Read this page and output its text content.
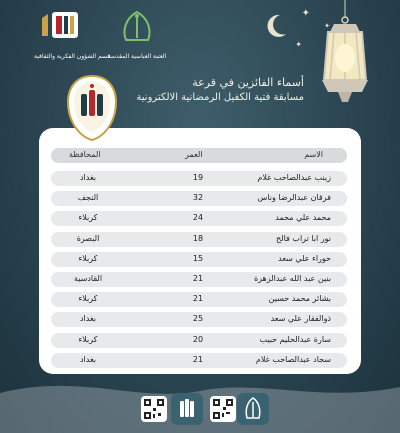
قسم الشؤون الفكرية والثقافية
العتبة العباسية المقدسة
✦
✦
✦
أسماء الفائزين في قرعة
مسابقة فتية الكفيل الرمضانية الالكترونية
الاسم
العمر
المحافظة
زينب عبدالصاحب غلام
19
بغداد
فرقان عبدالرضا وناس
32
النجف
محمد علي محمد
24
كربلاء
نور ابا تراب فالح
18
البصرة
حوراء علي سعد
15
كربلاء
بنين عبد الله عبدالزهرة
21
القادسية
بشائر محمد حسين
21
كربلاء
ذوالفقار علي سعد
25
بغداد
سارة عبدالحليم حبيب
20
كربلاء
سجاد عبدالصاحب غلام
21
بغداد
